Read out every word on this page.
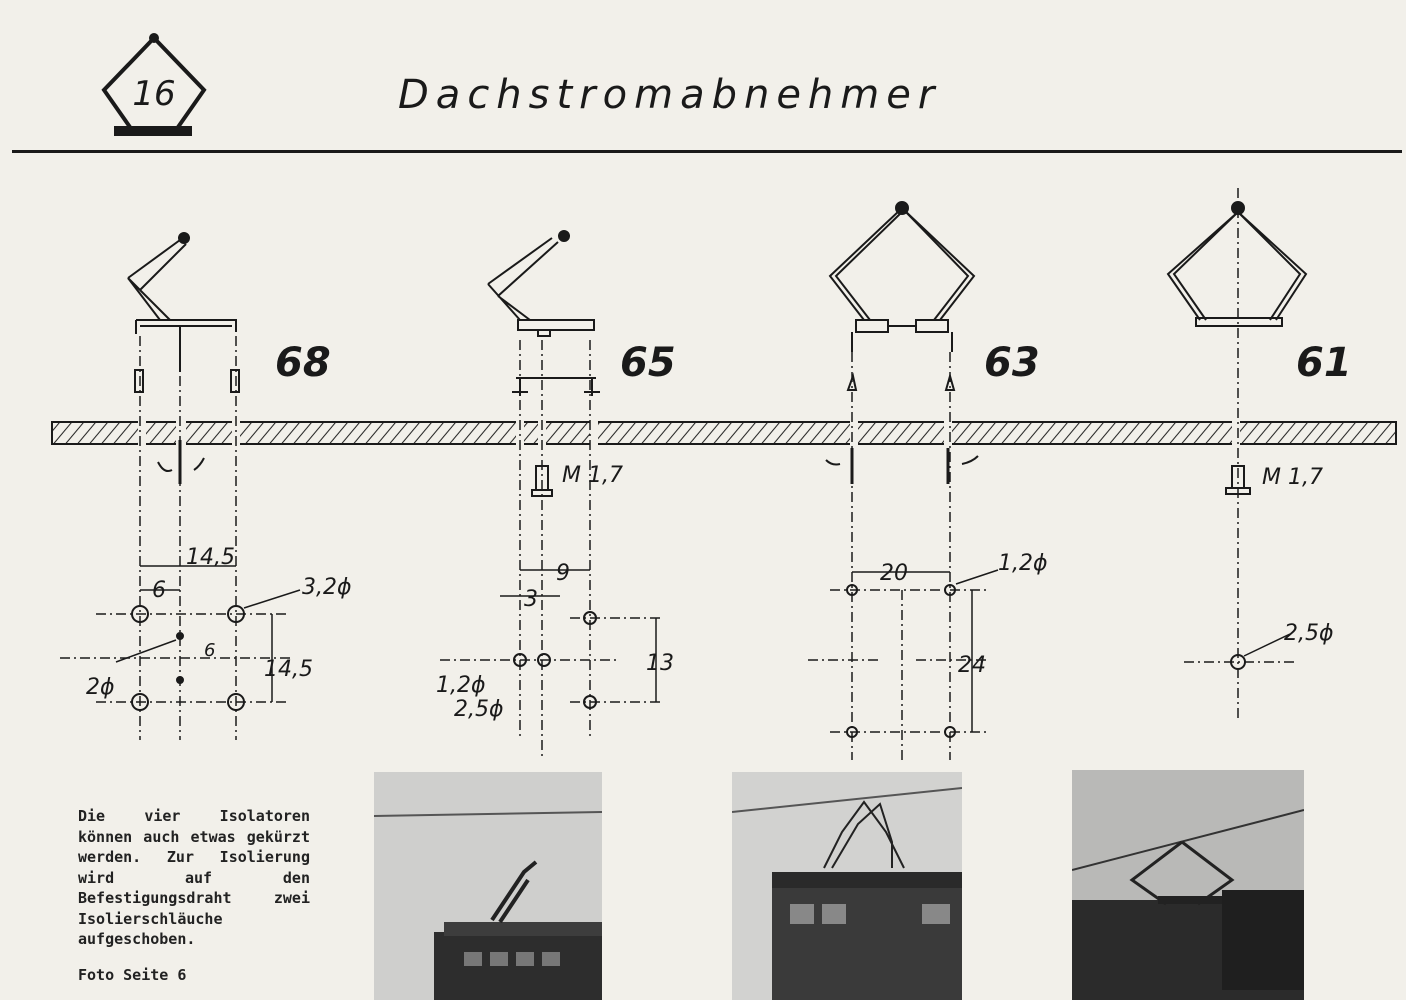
16	Dachstromabnehmer
68	65	63	61
14,5
6	3,2ϕ
2ϕ
6
14,5
M 1,7
9
3
1,2ϕ
2,5ϕ
13
20	1,2ϕ
24
M 1,7
2,5ϕ
Die vier Isolatoren können auch etwas gekürzt werden. Zur Isolierung wird auf den Befestigungsdraht zwei Isolierschläuche aufgeschoben.
Foto Seite 6
